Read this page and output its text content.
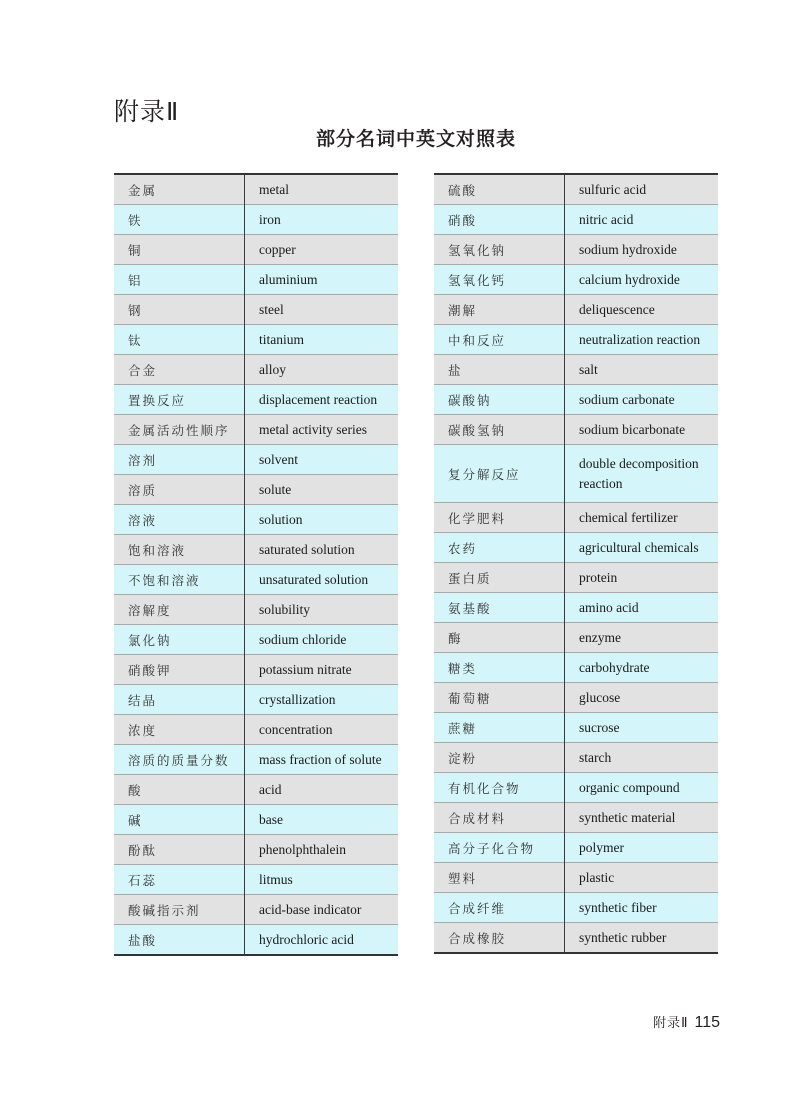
附录Ⅱ
部分名词中英文对照表
金属	metal
铁	iron
铜	copper
铝	aluminium
钢	steel
钛	titanium
合金	alloy
置换反应	displacement reaction
金属活动性顺序	metal activity series
溶剂	solvent
溶质	solute
溶液	solution
饱和溶液	saturated solution
不饱和溶液	unsaturated solution
溶解度	solubility
氯化钠	sodium chloride
硝酸钾	potassium nitrate
结晶	crystallization
浓度	concentration
溶质的质量分数	mass fraction of solute
酸	acid
碱	base
酚酞	phenolphthalein
石蕊	litmus
酸碱指示剂	acid-base indicator
盐酸	hydrochloric acid
硫酸	sulfuric acid
硝酸	nitric acid
氢氧化钠	sodium hydroxide
氢氧化钙	calcium hydroxide
潮解	deliquescence
中和反应	neutralization reaction
盐	salt
碳酸钠	sodium carbonate
碳酸氢钠	sodium bicarbonate
复分解反应	double decomposition reaction
化学肥料	chemical fertilizer
农药	agricultural chemicals
蛋白质	protein
氨基酸	amino acid
酶	enzyme
糖类	carbohydrate
葡萄糖	glucose
蔗糖	sucrose
淀粉	starch
有机化合物	organic compound
合成材料	synthetic material
高分子化合物	polymer
塑料	plastic
合成纤维	synthetic fiber
合成橡胶	synthetic rubber
附录Ⅱ 115
